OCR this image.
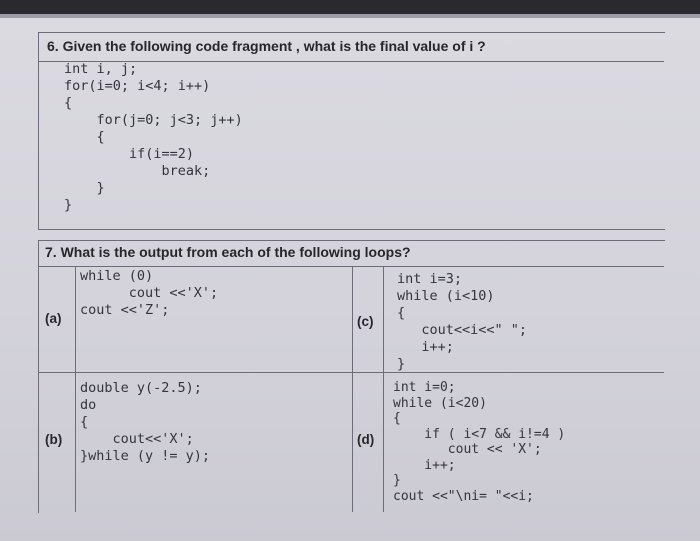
6. Given the following code fragment , what is the final value of i ?
int i, j;
for(i=0; i<4; i++)
{
for(j=0; j<3; j++)
{
if(i==2)
break;
}
}
7. What is the output from each of the following loops?
(a)
while (0)
cout <<'X';
cout <<'Z';
(c)
int i=3;
while (i<10)
{
cout<<i<<" ";
i++;
}
(b)
double y(-2.5);
do
{
cout<<'X';
}while (y != y);
(d)
int i=0;
while (i<20)
{
if ( i<7 && i!=4 )
cout << 'X';
i++;
}
cout <<"\ni= "<<i;
